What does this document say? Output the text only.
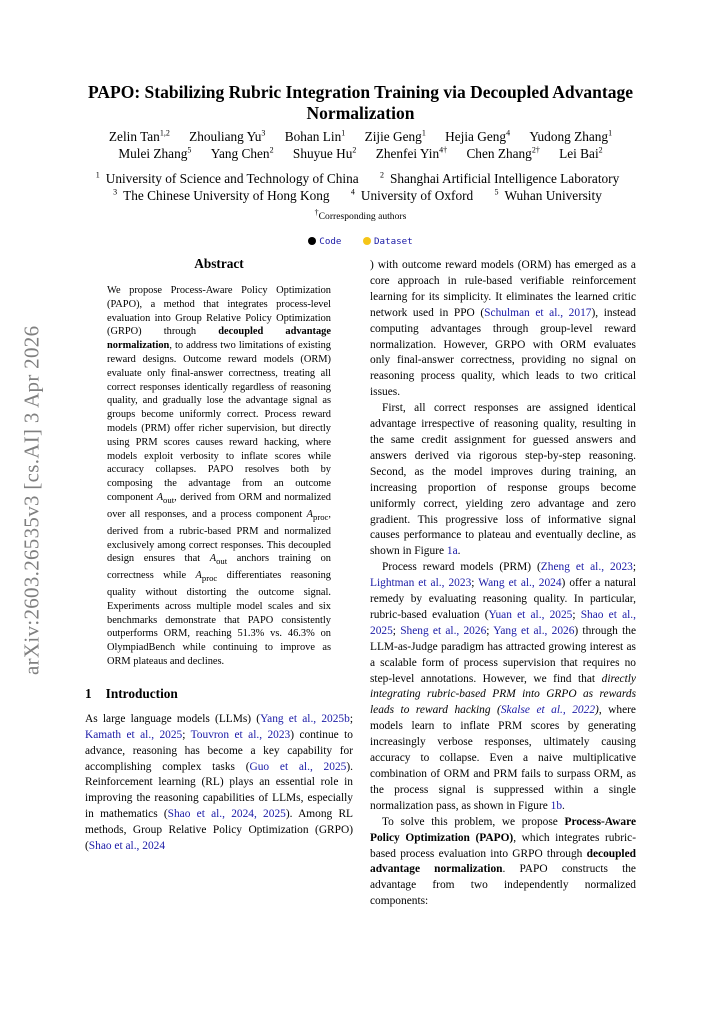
arXiv:2603.26535v3 [cs.AI] 3 Apr 2026
PAPO: Stabilizing Rubric Integration Training via Decoupled Advantage Normalization
Zelin Tan$^{1,2}$ Zhouliang Yu$^3$ Bohan Lin$^1$ Zijie Geng$^1$ Hejia Geng$^4$ Yudong Zhang$^1$
Mulei Zhang$^5$ Yang Chen$^2$ Shuyue Hu$^2$ Zhenfei Yin$^{4\dagger}$ Chen Zhang$^{2\dagger}$ Lei Bai$^2$
$^1$ University of Science and Technology of China	$^2$ Shanghai Artificial Intelligence Laboratory
$^3$ The Chinese University of Hong Kong	$^4$ University of Oxford	$^5$ Wuhan University
†Corresponding authors
Code	Dataset
Abstract
We propose Process-Aware Policy Optimization (PAPO), a method that integrates process-level evaluation into Group Relative Policy Optimization (GRPO) through decoupled advantage normalization, to address two limitations of existing reward designs. Outcome reward models (ORM) evaluate only final-answer correctness, treating all correct responses identically regardless of reasoning quality, and gradually lose the advantage signal as groups become uniformly correct. Process reward models (PRM) offer richer supervision, but directly using PRM scores causes reward hacking, where models exploit verbosity to inflate scores while accuracy collapses. PAPO resolves both by composing the advantage from an outcome component $A_{out}$, derived from ORM and normalized over all responses, and a process component $A_{proc}$, derived from a rubric-based PRM and normalized exclusively among correct responses. This decoupled design ensures that $A_{out}$ anchors training on correctness while $A_{proc}$ differentiates reasoning quality without distorting the outcome signal. Experiments across multiple model scales and six benchmarks demonstrate that PAPO consistently outperforms ORM, reaching 51.3% vs. 46.3% on OlympiadBench while continuing to improve as ORM plateaus and declines.
1 Introduction

As large language models (LLMs) (Yang et al., 2025b; Kamath et al., 2025; Touvron et al., 2023) continue to advance, reasoning has become a key capability for accomplishing complex tasks (Guo et al., 2025). Reinforcement learning (RL) plays an essential role in improving the reasoning capabilities of LLMs, especially in mathematics (Shao et al., 2024, 2025). Among RL methods, Group Relative Policy Optimization (GRPO) (Shao et al., 2024

) with outcome reward models (ORM) has emerged as a core approach in rule-based verifiable reinforcement learning for its simplicity. It eliminates the learned critic network used in PPO (Schulman et al., 2017), instead computing advantages through group-level reward normalization. However, GRPO with ORM evaluates only final-answer correctness, providing no signal on reasoning process quality, which leads to two critical issues.

First, all correct responses are assigned identical advantage irrespective of reasoning quality, resulting in the same credit assignment for guessed answers and answers derived via rigorous step-by-step reasoning. Second, as the model improves during training, an increasing proportion of response groups become uniformly correct, yielding zero advantage and zero gradient. This progressive loss of informative signal causes performance to plateau and eventually decline, as shown in Figure 1a.

Process reward models (PRM) (Zheng et al., 2023; Lightman et al., 2023; Wang et al., 2024) offer a natural remedy by evaluating reasoning quality. In particular, rubric-based evaluation (Yuan et al., 2025; Shao et al., 2025; Sheng et al., 2026; Yang et al., 2026) through the LLM-as-Judge paradigm has attracted growing interest as a scalable form of process supervision that requires no step-level annotations. However, we find that directly integrating rubric-based PRM into GRPO as rewards leads to reward hacking (Skalse et al., 2022), where models learn to inflate PRM scores by generating increasingly verbose responses, ultimately causing accuracy to collapse. Even a naive multiplicative combination of ORM and PRM fails to surpass ORM, as the process signal is suppressed within a single normalization pass, as shown in Figure 1b.

To solve this problem, we propose Process-Aware Policy Optimization (PAPO), which integrates rubric-based process evaluation into GRPO through decoupled advantage normalization. PAPO constructs the advantage from two independently normalized components:
